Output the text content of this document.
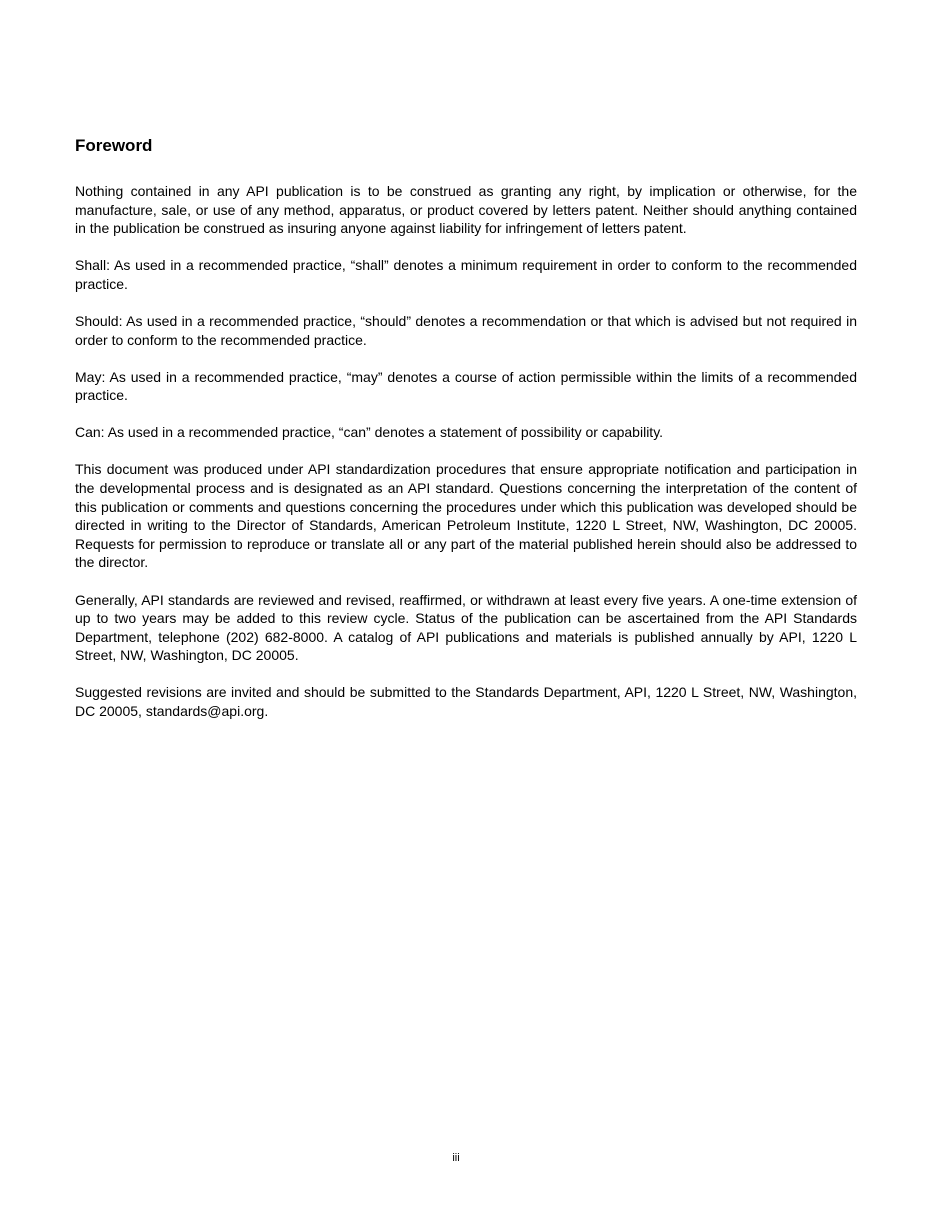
Foreword

Nothing contained in any API publication is to be construed as granting any right, by implication or otherwise, for the manufacture, sale, or use of any method, apparatus, or product covered by letters patent. Neither should anything contained in the publication be construed as insuring anyone against liability for infringement of letters patent.

Shall: As used in a recommended practice, “shall” denotes a minimum requirement in order to conform to the recommended practice.

Should: As used in a recommended practice, “should” denotes a recommendation or that which is advised but not required in order to conform to the recommended practice.

May: As used in a recommended practice, “may” denotes a course of action permissible within the limits of a recommended practice.

Can: As used in a recommended practice, “can” denotes a statement of possibility or capability.

This document was produced under API standardization procedures that ensure appropriate notification and participation in the developmental process and is designated as an API standard. Questions concerning the interpretation of the content of this publication or comments and questions concerning the procedures under which this publication was developed should be directed in writing to the Director of Standards, American Petroleum Institute, 1220 L Street, NW, Washington, DC 20005. Requests for permission to reproduce or translate all or any part of the material published herein should also be addressed to the director.

Generally, API standards are reviewed and revised, reaffirmed, or withdrawn at least every five years. A one-time extension of up to two years may be added to this review cycle. Status of the publication can be ascertained from the API Standards Department, telephone (202) 682-8000. A catalog of API publications and materials is published annually by API, 1220 L Street, NW, Washington, DC 20005.

Suggested revisions are invited and should be submitted to the Standards Department, API, 1220 L Street, NW, Washington, DC 20005, standards@api.org.

iii
